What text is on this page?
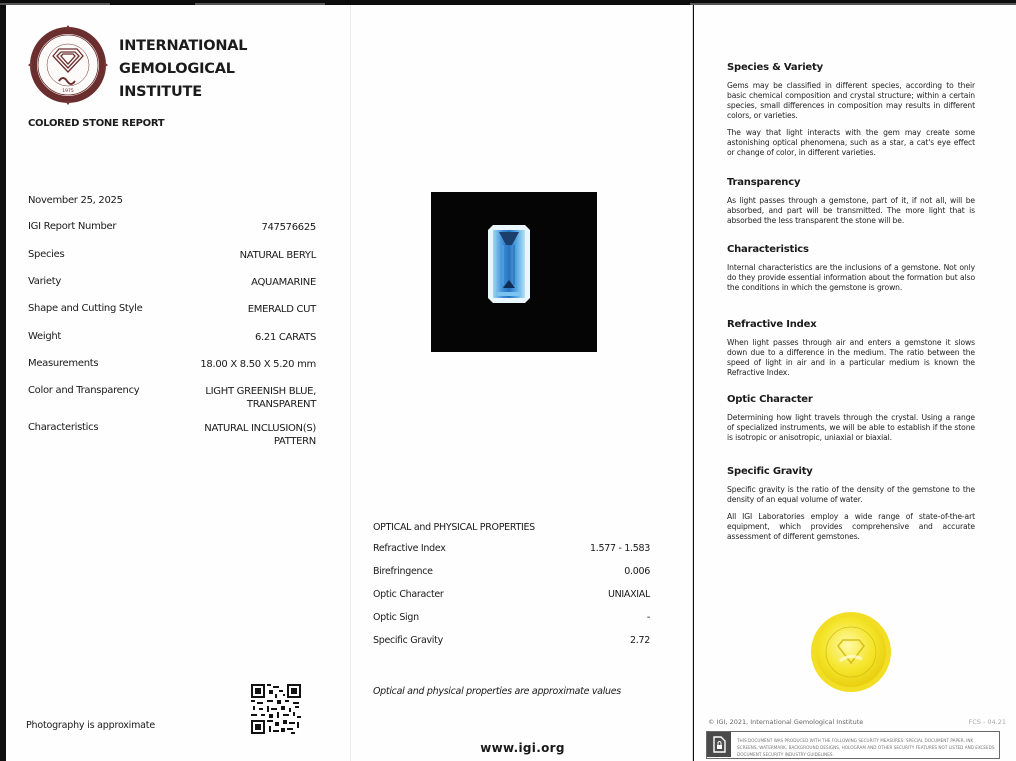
1975
INTERNATIONAL
GEMOLOGICAL
INSTITUTE
COLORED STONE REPORT
November 25, 2025
IGI Report Number	747576625
Species	NATURAL BERYL
Variety	AQUAMARINE
Shape and Cutting Style	EMERALD CUT
Weight	6.21 CARATS
Measurements	18.00 X 8.50 X 5.20 mm
Color and Transparency	LIGHT GREENISH BLUE,
TRANSPARENT
Characteristics	NATURAL INCLUSION(S)
PATTERN
Photography is approximate
OPTICAL and PHYSICAL PROPERTIES
Refractive Index	1.577 - 1.583
Birefringence	0.006
Optic Character	UNIAXIAL
Optic Sign	-
Specific Gravity	2.72
Optical and physical properties are approximate values
www.igi.org
Species & Variety

Gems may be classified in different species, according to their basic chemical composition and crystal structure; within a certain species, small differences in composition may results in different colors, or varieties.

The way that light interacts with the gem may create some astonishing optical phenomena, such as a star, a cat's eye effect or change of color, in different varieties.

Transparency

As light passes through a gemstone, part of it, if not all, will be absorbed, and part will be transmitted. The more light that is absorbed the less transparent the stone will be.

Characteristics

Internal characteristics are the inclusions of a gemstone. Not only do they provide essential information about the formation but also the conditions in which the gemstone is grown.

Refractive Index

When light passes through air and enters a gemstone it slows down due to a difference in the medium. The ratio between the speed of light in air and in a particular medium is known the Refractive Index.

Optic Character

Determining how light travels through the crystal. Using a range of specialized instruments, we will be able to establish if the stone is isotropic or anisotropic, uniaxial or biaxial.

Specific Gravity

Specific gravity is the ratio of the density of the gemstone to the density of an equal volume of water.

All IGI Laboratories employ a wide range of state-of-the-art equipment, which provides comprehensive and accurate assessment of different gemstones.

© IGI, 2021, International Gemological Institute	FCS - 04.21
THIS DOCUMENT WAS PRODUCED WITH THE FOLLOWING SECURITY MEASURES: SPECIAL DOCUMENT PAPER, INK SCREENS, WATERMARK, BACKGROUND DESIGNS, HOLOGRAM AND OTHER SECURITY FEATURES NOT LISTED AND EXCEEDS DOCUMENT SECURITY INDUSTRY GUIDELINES.
